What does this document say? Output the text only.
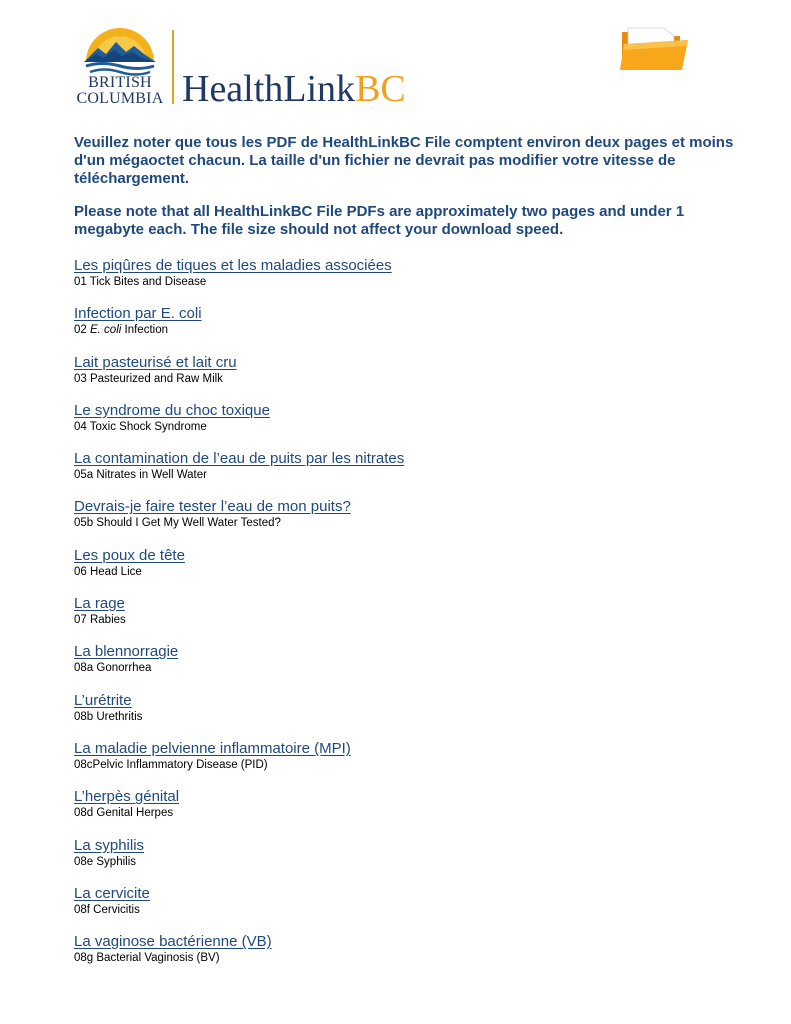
BRITISH
COLUMBIA HealthLinkBC

Veuillez noter que tous les PDF de HealthLinkBC File comptent environ deux pages et moins d'un mégaoctet chacun. La taille d'un fichier ne devrait pas modifier votre vitesse de téléchargement.

Please note that all HealthLinkBC File PDFs are approximately two pages and under 1 megabyte each. The file size should not affect your download speed.

Les piqûres de tiques et les maladies associées
01 Tick Bites and Disease
Infection par E. coli
02 E. coli Infection
Lait pasteurisé et lait cru
03 Pasteurized and Raw Milk
Le syndrome du choc toxique
04 Toxic Shock Syndrome
La contamination de l’eau de puits par les nitrates
05a Nitrates in Well Water
Devrais-je faire tester l’eau de mon puits?
05b Should I Get My Well Water Tested?
Les poux de tête
06 Head Lice
La rage
07 Rabies
La blennorragie
08a Gonorrhea
L’urétrite
08b Urethritis
La maladie pelvienne inflammatoire (MPI)
08cPelvic Inflammatory Disease (PID)
L’herpès génital
08d Genital Herpes
La syphilis
08e Syphilis
La cervicite
08f Cervicitis
La vaginose bactérienne (VB)
08g Bacterial Vaginosis (BV)
